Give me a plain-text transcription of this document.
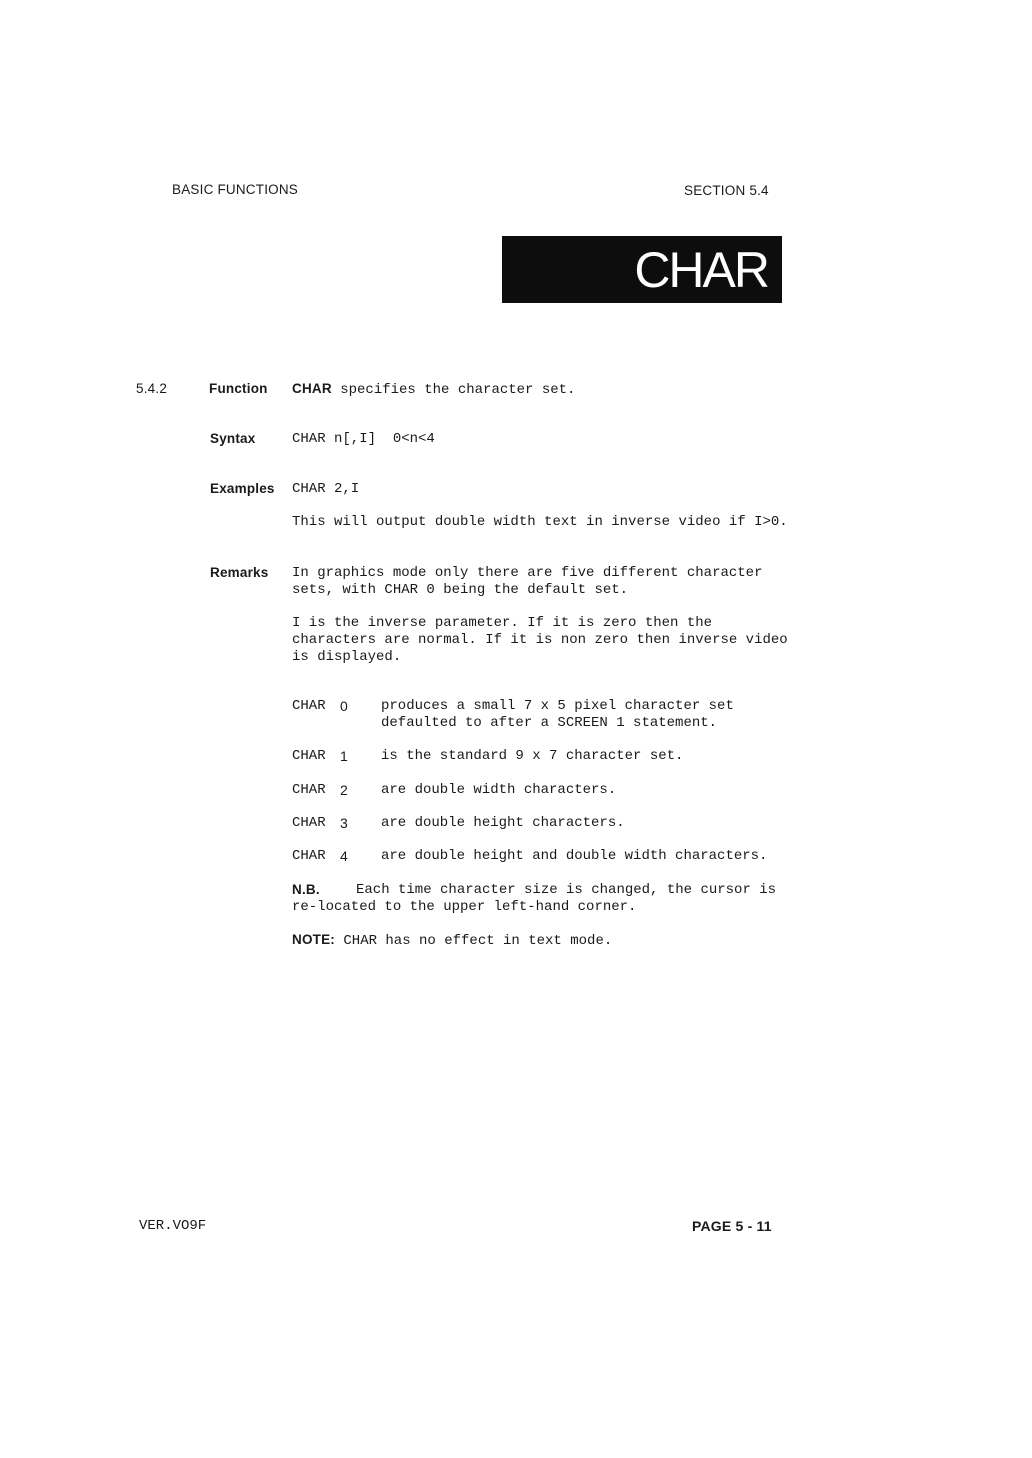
BASIC FUNCTIONS	SECTION 5.4
CHAR
5.4.2	Function CHAR specifies the character set.
Syntax	CHAR n[,I]  0<n<4
Examples CHAR 2,I
This will output double width text in inverse video if I>0.
Remarks In graphics mode only there are five different character
sets, with CHAR 0 being the default set.
I is the inverse parameter. If it is zero then the
characters are normal. If it is non zero then inverse video
is displayed.
CHAR 0 produces a small 7 x 5 pixel character set
defaulted to after a SCREEN 1 statement.
CHAR 1 is the standard 9 x 7 character set.
CHAR 2 are double width characters.
CHAR 3 are double height characters.
CHAR 4 are double height and double width characters.
N.B.	Each time character size is changed, the cursor is
re-located to the upper left-hand corner.
NOTE: CHAR has no effect in text mode.
VER.VO9F	PAGE 5 - 11
